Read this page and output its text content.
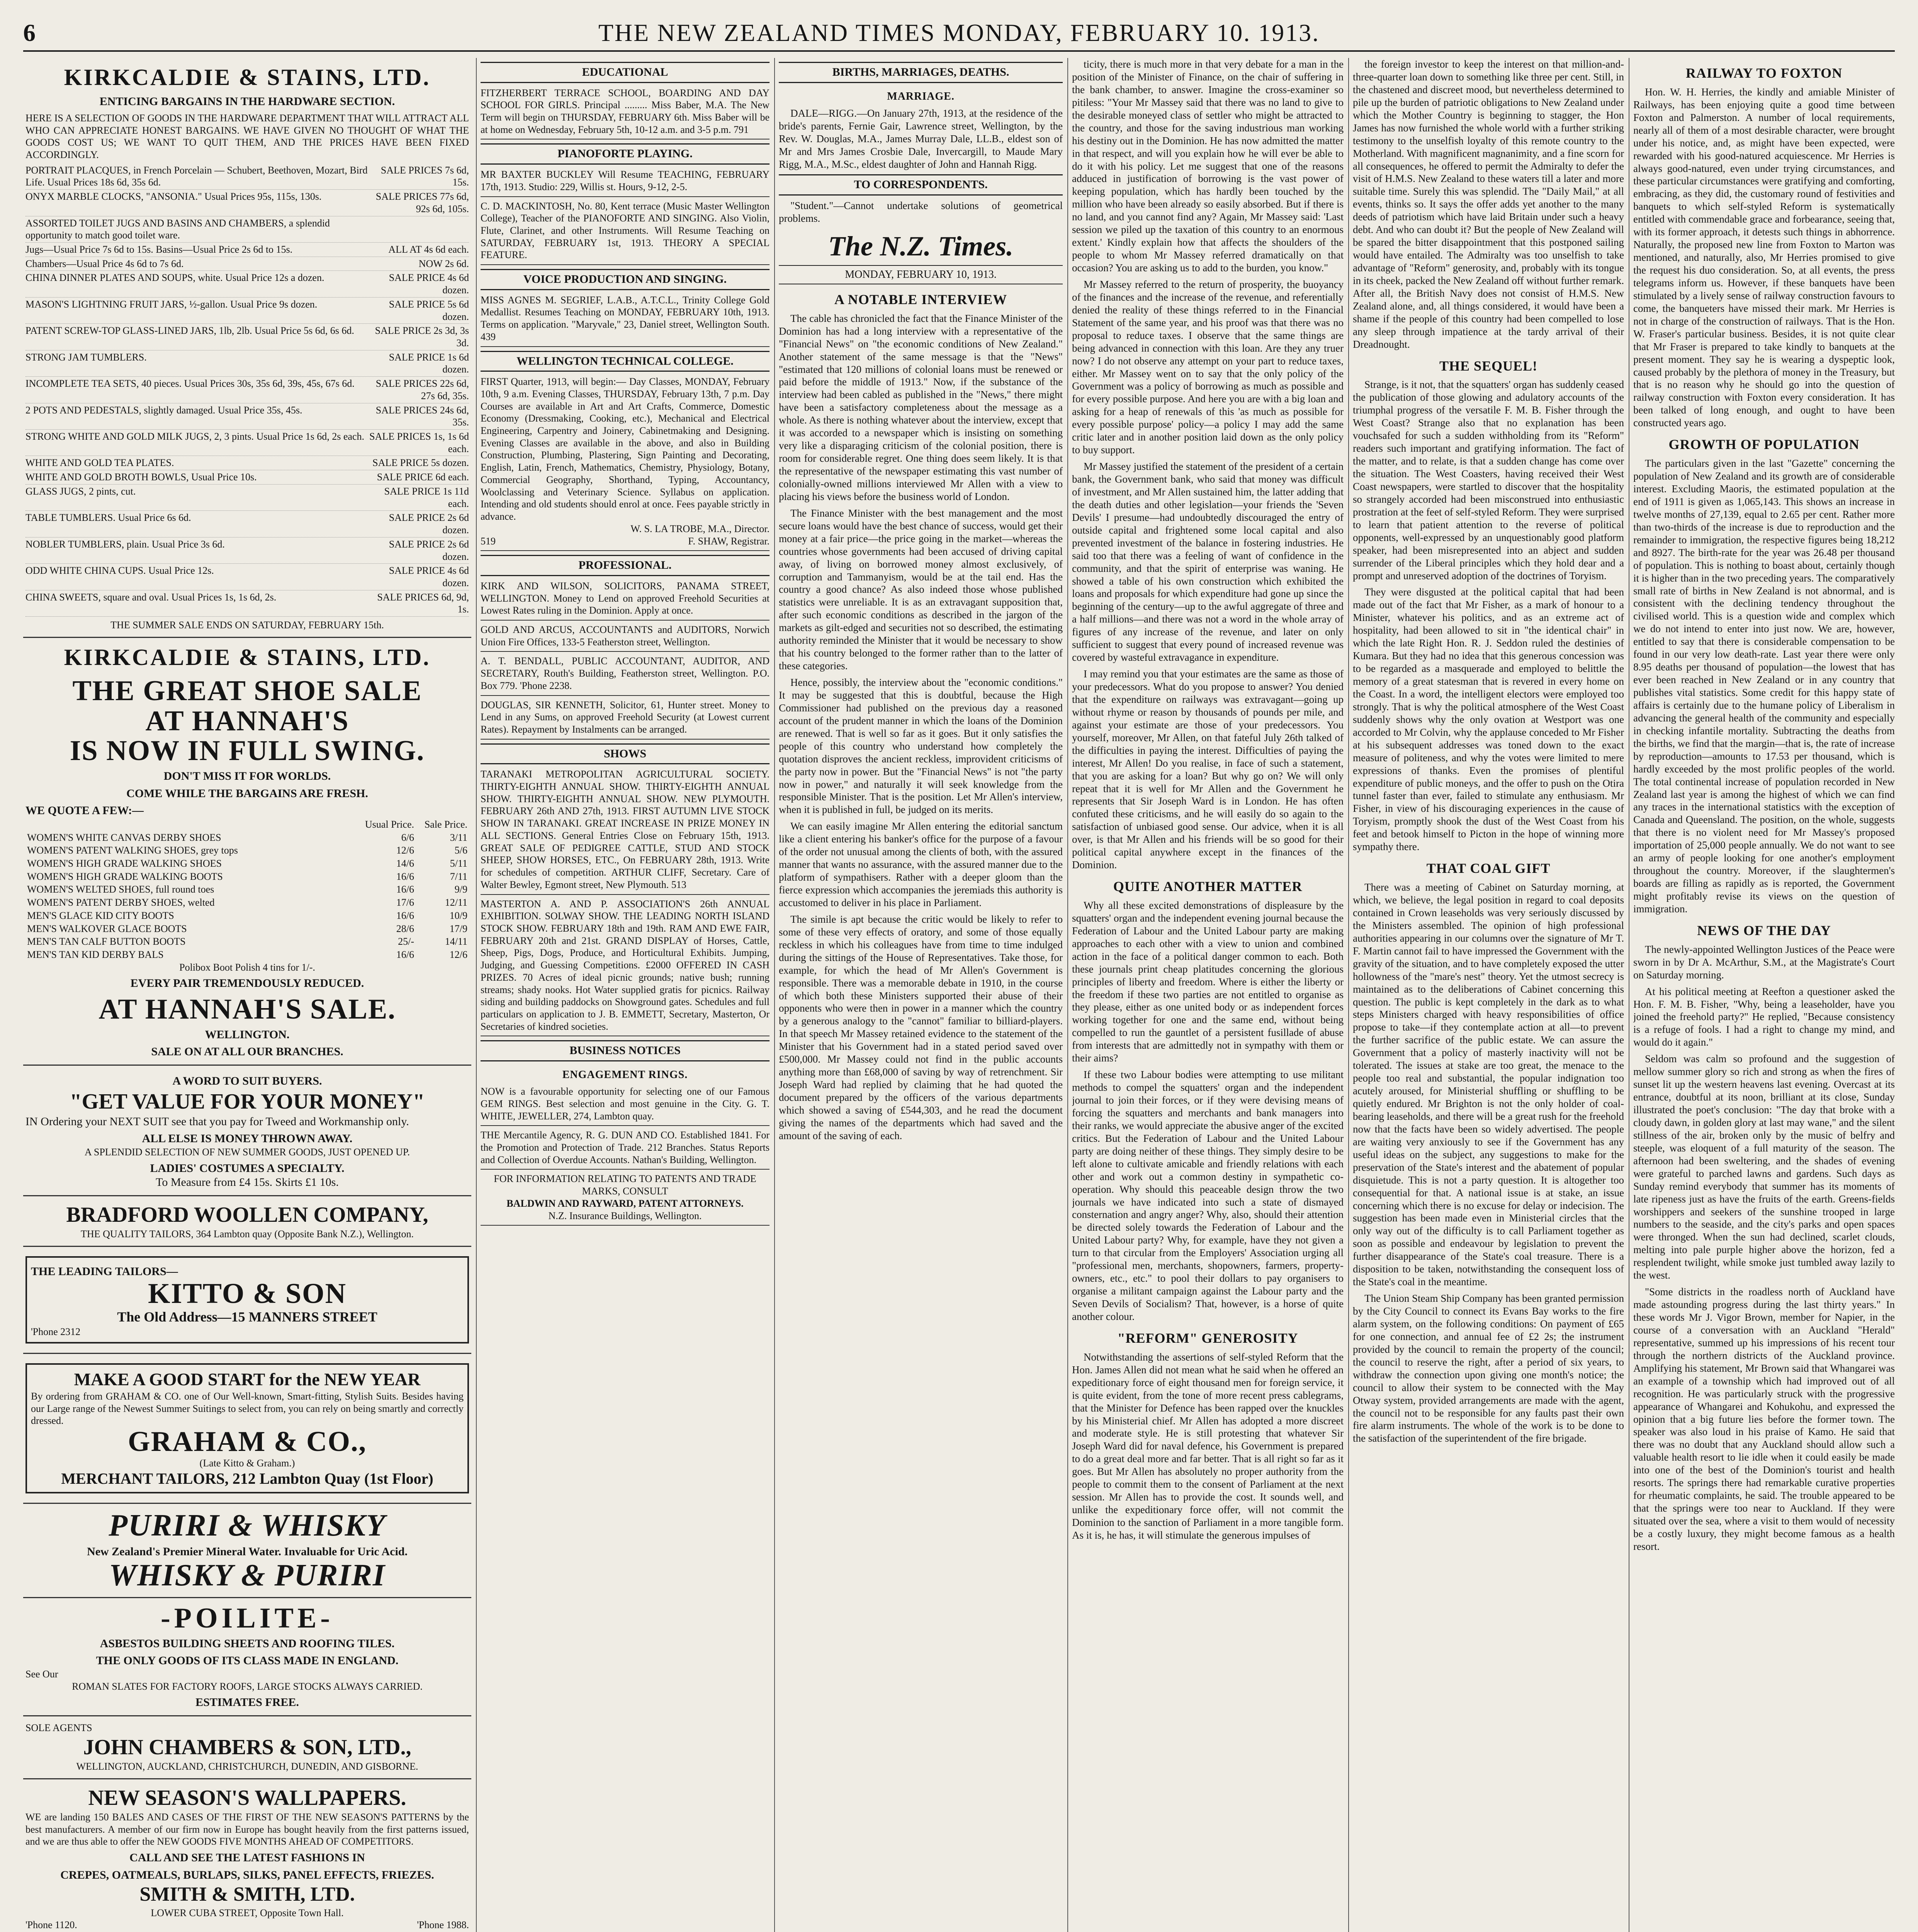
6	THE NEW ZEALAND TIMES MONDAY, FEBRUARY 10. 1913.
KIRKCALDIE & STAINS, LTD.
ENTICING BARGAINS IN THE HARDWARE SECTION.
HERE IS A SELECTION OF GOODS IN THE HARDWARE DEPARTMENT THAT WILL ATTRACT ALL WHO CAN APPRECIATE HONEST BARGAINS. WE HAVE GIVEN NO THOUGHT OF WHAT THE GOODS COST US; WE WANT TO QUIT THEM, AND THE PRICES HAVE BEEN FIXED ACCORDINGLY.
PORTRAIT PLACQUES, in French Porcelain — Schubert, Beethoven, Mozart, Bird Life. Usual Prices 18s 6d, 35s 6d.
SALE PRICES 7s 6d, 15s.
ONYX MARBLE CLOCKS, "ANSONIA." Usual Prices 95s, 115s, 130s.	SALE PRICES 77s 6d, 92s 6d, 105s.
ASSORTED TOILET JUGS AND BASINS AND CHAMBERS, a splendid opportunity to match good toilet ware.
Jugs—Usual Price 7s 6d to 15s. Basins—Usual Price 2s 6d to 15s.	ALL AT 4s 6d each.
Chambers—Usual Price 4s 6d to 7s 6d.	NOW 2s 6d.
CHINA DINNER PLATES AND SOUPS, white. Usual Price 12s a dozen.	SALE PRICE 4s 6d dozen.
MASON'S LIGHTNING FRUIT JARS, ½-gallon. Usual Price 9s dozen.	SALE PRICE 5s 6d dozen.
PATENT SCREW-TOP GLASS-LINED JARS, 1lb, 2lb. Usual Price 5s 6d, 6s 6d.	SALE PRICE 2s 3d, 3s 3d.
STRONG JAM TUMBLERS.	SALE PRICE 1s 6d dozen.
INCOMPLETE TEA SETS, 40 pieces. Usual Prices 30s, 35s 6d, 39s, 45s, 67s 6d.	SALE PRICES 22s 6d, 27s 6d, 35s.
2 POTS AND PEDESTALS, slightly damaged. Usual Price 35s, 45s.	SALE PRICES 24s 6d, 35s.
STRONG WHITE AND GOLD MILK JUGS, 2, 3 pints. Usual Price 1s 6d, 2s each. SALE PRICES 1s, 1s 6d each.
WHITE AND GOLD TEA PLATES.	SALE PRICE 5s dozen.
WHITE AND GOLD BROTH BOWLS, Usual Price 10s.	SALE PRICE 6d each.
GLASS JUGS, 2 pints, cut.	SALE PRICE 1s 11d each.
TABLE TUMBLERS. Usual Price 6s 6d.	SALE PRICE 2s 6d dozen.
NOBLER TUMBLERS, plain. Usual Price 3s 6d.	SALE PRICE 2s 6d dozen.
ODD WHITE CHINA CUPS. Usual Price 12s.	SALE PRICE 4s 6d dozen.
CHINA SWEETS, square and oval. Usual Prices 1s, 1s 6d, 2s.	SALE PRICES 6d, 9d, 1s.
THE SUMMER SALE ENDS ON SATURDAY, FEBRUARY 15th.
KIRKCALDIE & STAINS, LTD.
THE GREAT SHOE SALE
AT HANNAH'S
IS NOW IN FULL SWING.
DON'T MISS IT FOR WORLDS.
COME WHILE THE BARGAINS ARE FRESH.
WE QUOTE A FEW:—
	Usual Price.	Sale Price.
WOMEN'S WHITE CANVAS DERBY SHOES	6/6	3/11
WOMEN'S PATENT WALKING SHOES, grey tops	12/6	5/6
WOMEN'S HIGH GRADE WALKING SHOES	14/6	5/11
WOMEN'S HIGH GRADE WALKING BOOTS	16/6	7/11
WOMEN'S WELTED SHOES, full round toes	16/6	9/9
WOMEN'S PATENT DERBY SHOES, welted	17/6	12/11
MEN'S GLACE KID CITY BOOTS	16/6	10/9
MEN'S WALKOVER GLACE BOOTS	28/6	17/9
MEN'S TAN CALF BUTTON BOOTS	25/-	14/11
MEN'S TAN KID DERBY BALS	16/6	12/6
Polibox Boot Polish 4 tins for 1/-.
EVERY PAIR TREMENDOUSLY REDUCED.
AT HANNAH'S SALE.
WELLINGTON.
SALE ON AT ALL OUR BRANCHES.
A WORD TO SUIT BUYERS.
"GET VALUE FOR YOUR MONEY"
IN Ordering your NEXT SUIT see that you pay for Tweed and Workmanship only.
ALL ELSE IS MONEY THROWN AWAY.
A SPLENDID SELECTION OF NEW SUMMER GOODS, JUST OPENED UP.
LADIES' COSTUMES A SPECIALTY.
To Measure from £4 15s. Skirts £1 10s.
BRADFORD WOOLLEN COMPANY,
THE QUALITY TAILORS, 364 Lambton quay (Opposite Bank N.Z.), Wellington.
THE LEADING TAILORS—
KITTO & SON
The Old Address—15 MANNERS STREET
'Phone 2312
MAKE A GOOD START for the NEW YEAR
By ordering from GRAHAM & CO. one of Our Well-known, Smart-fitting, Stylish Suits. Besides having our Large range of the Newest Summer Suitings to select from, you can rely on being smartly and correctly dressed.
GRAHAM & CO.,
(Late Kitto & Graham.)
MERCHANT TAILORS, 212 Lambton Quay (1st Floor)
PURIRI & WHISKY
New Zealand's Premier Mineral Water. Invaluable for Uric Acid.
WHISKY & PURIRI
-POILITE-
ASBESTOS BUILDING SHEETS AND ROOFING TILES.
THE ONLY GOODS OF ITS CLASS MADE IN ENGLAND.
See Our
ROMAN SLATES FOR FACTORY ROOFS, LARGE STOCKS ALWAYS CARRIED.
ESTIMATES FREE.
SOLE AGENTS
JOHN CHAMBERS & SON, LTD.,
WELLINGTON, AUCKLAND, CHRISTCHURCH, DUNEDIN, AND GISBORNE.
NEW SEASON'S WALLPAPERS.
WE are landing 150 BALES AND CASES OF THE FIRST OF THE NEW SEASON'S PATTERNS by the best manufacturers. A member of our firm now in Europe has bought heavily from the first patterns issued, and we are thus able to offer the NEW GOODS FIVE MONTHS AHEAD OF COMPETITORS.
CALL AND SEE THE LATEST FASHIONS IN
CREPES, OATMEALS, BURLAPS, SILKS, PANEL EFFECTS, FRIEZES.
SMITH & SMITH, LTD.
LOWER CUBA STREET, Opposite Town Hall.
'Phone 1120.	'Phone 1988.
EDUCATIONAL
FITZHERBERT TERRACE SCHOOL, BOARDING AND DAY SCHOOL FOR GIRLS. Principal ......... Miss Baber, M.A. The New Term will begin on THURSDAY, FEBRUARY 6th. Miss Baber will be at home on Wednesday, February 5th, 10-12 a.m. and 3-5 p.m. 791
PIANOFORTE PLAYING.
MR BAXTER BUCKLEY Will Resume TEACHING, FEBRUARY 17th, 1913. Studio: 229, Willis st. Hours, 9-12, 2-5.
C. D. MACKINTOSH, No. 80, Kent terrace (Music Master Wellington College), Teacher of the PIANOFORTE AND SINGING. Also Violin, Flute, Clarinet, and other Instruments. Will Resume Teaching on SATURDAY, FEBRUARY 1st, 1913. THEORY A SPECIAL FEATURE.
VOICE PRODUCTION AND SINGING.
MISS AGNES M. SEGRIEF, L.A.B., A.T.C.L., Trinity College Gold Medallist. Resumes Teaching on MONDAY, FEBRUARY 10th, 1913. Terms on application. "Maryvale," 23, Daniel street, Wellington South. 439
WELLINGTON TECHNICAL COLLEGE.
FIRST Quarter, 1913, will begin:— Day Classes, MONDAY, February 10th, 9 a.m. Evening Classes, THURSDAY, February 13th, 7 p.m. Day Courses are available in Art and Art Crafts, Commerce, Domestic Economy (Dressmaking, Cooking, etc.), Mechanical and Electrical Engineering, Carpentry and Joinery, Cabinetmaking and Designing. Evening Classes are available in the above, and also in Building Construction, Plumbing, Plastering, Sign Painting and Decorating, English, Latin, French, Mathematics, Chemistry, Physiology, Botany, Commercial Geography, Shorthand, Typing, Accountancy, Woolclassing and Veterinary Science. Syllabus on application. Intending and old students should enrol at once. Fees payable strictly in advance.
W. S. LA TROBE, M.A., Director.
519	F. SHAW, Registrar.
PROFESSIONAL.
KIRK AND WILSON, SOLICITORS, PANAMA STREET, WELLINGTON. Money to Lend on approved Freehold Securities at Lowest Rates ruling in the Dominion. Apply at once.
GOLD AND ARCUS, ACCOUNTANTS and AUDITORS, Norwich Union Fire Offices, 133-5 Featherston street, Wellington.
A. T. BENDALL, PUBLIC ACCOUNTANT, AUDITOR, AND SECRETARY, Routh's Building, Featherston street, Wellington. P.O. Box 779. 'Phone 2238.
DOUGLAS, SIR KENNETH, Solicitor, 61, Hunter street. Money to Lend in any Sums, on approved Freehold Security (at Lowest current Rates). Repayment by Instalments can be arranged.
SHOWS
TARANAKI METROPOLITAN AGRICULTURAL SOCIETY. THIRTY-EIGHTH ANNUAL SHOW. THIRTY-EIGHTH ANNUAL SHOW. THIRTY-EIGHTH ANNUAL SHOW. NEW PLYMOUTH. FEBRUARY 26th AND 27th, 1913. FIRST AUTUMN LIVE STOCK SHOW IN TARANAKI. GREAT INCREASE IN PRIZE MONEY IN ALL SECTIONS. General Entries Close on February 15th, 1913. GREAT SALE OF PEDIGREE CATTLE, STUD AND STOCK SHEEP, SHOW HORSES, ETC., On FEBRUARY 28th, 1913. Write for schedules of competition. ARTHUR CLIFF, Secretary. Care of Walter Bewley, Egmont street, New Plymouth. 513
MASTERTON A. AND P. ASSOCIATION'S 26th ANNUAL EXHIBITION. SOLWAY SHOW. THE LEADING NORTH ISLAND STOCK SHOW. FEBRUARY 18th and 19th. RAM AND EWE FAIR, FEBRUARY 20th and 21st. GRAND DISPLAY of Horses, Cattle, Sheep, Pigs, Dogs, Produce, and Horticultural Exhibits. Jumping, Judging, and Guessing Competitions. £2000 OFFERED IN CASH PRIZES. 70 Acres of ideal picnic grounds; native bush; running streams; shady nooks. Hot Water supplied gratis for picnics. Railway siding and building paddocks on Showground gates. Schedules and full particulars on application to J. B. EMMETT, Secretary, Masterton, Or Secretaries of kindred societies.
BUSINESS NOTICES
ENGAGEMENT RINGS.
NOW is a favourable opportunity for selecting one of our Famous GEM RINGS. Best selection and most genuine in the City. G. T. WHITE, JEWELLER, 274, Lambton quay.
THE Mercantile Agency, R. G. DUN AND CO. Established 1841. For the Promotion and Protection of Trade. 212 Branches. Status Reports and Collection of Overdue Accounts. Nathan's Building, Wellington.
FOR INFORMATION RELATING TO PATENTS AND TRADE MARKS, CONSULT
BALDWIN AND RAYWARD, PATENT ATTORNEYS.
N.Z. Insurance Buildings, Wellington.
BIRTHS, MARRIAGES, DEATHS.
MARRIAGE.

DALE—RIGG.—On January 27th, 1913, at the residence of the bride's parents, Fernie Gair, Lawrence street, Wellington, by the Rev. W. Douglas, M.A., James Murray Dale, LL.B., eldest son of Mr and Mrs James Crosbie Dale, Invercargill, to Maude Mary Rigg, M.A., M.Sc., eldest daughter of John and Hannah Rigg.

TO CORRESPONDENTS.

"Student."—Cannot undertake solutions of geometrical problems.

The N.Z. Times.
MONDAY, FEBRUARY 10, 1913.
A NOTABLE INTERVIEW

The cable has chronicled the fact that the Finance Minister of the Dominion has had a long interview with a representative of the "Financial News" on "the economic conditions of New Zealand." Another statement of the same message is that the "News" "estimated that 120 millions of colonial loans must be renewed or paid before the middle of 1913." Now, if the substance of the interview had been cabled as published in the "News," there might have been a satisfactory completeness about the message as a whole. As there is nothing whatever about the interview, except that it was accorded to a newspaper which is insisting on something very like a disparaging criticism of the colonial position, there is room for considerable regret. One thing does seem likely. It is that the representative of the newspaper estimating this vast number of colonially-owned millions interviewed Mr Allen with a view to placing his views before the business world of London.

The Finance Minister with the best management and the most secure loans would have the best chance of success, would get their money at a fair price—the price going in the market—whereas the countries whose governments had been accused of driving capital away, of living on borrowed money almost exclusively, of corruption and Tammanyism, would be at the tail end. Has the country a good chance? As also indeed those whose published statistics were unreliable. It is as an extravagant supposition that, after such economic conditions as described in the jargon of the markets as gilt-edged and securities not so described, the estimating authority reminded the Minister that it would be necessary to show that his country belonged to the former rather than to the latter of these categories.

Hence, possibly, the interview about the "economic conditions." It may be suggested that this is doubtful, because the High Commissioner had published on the previous day a reasoned account of the prudent manner in which the loans of the Dominion are renewed. That is well so far as it goes. But it only satisfies the people of this country who understand how completely the quotation disproves the ancient reckless, improvident criticisms of the party now in power. But the "Financial News" is not "the party now in power," and naturally it will seek knowledge from the responsible Minister. That is the position. Let Mr Allen's interview, when it is published in full, be judged on its merits.

We can easily imagine Mr Allen entering the editorial sanctum like a client entering his banker's office for the purpose of a favour of the order not unusual among the clients of both, with the assured manner that wants no assurance, with the assured manner due to the platform of sympathisers. Rather with a deeper gloom than the fierce expression which accompanies the jeremiads this authority is accustomed to deliver in his place in Parliament.

The simile is apt because the critic would be likely to refer to some of these very effects of oratory, and some of those equally reckless in which his colleagues have from time to time indulged during the sittings of the House of Representatives. Take those, for example, for which the head of Mr Allen's Government is responsible. There was a memorable debate in 1910, in the course of which both these Ministers supported their abuse of their opponents who were then in power in a manner which the country by a generous analogy to the "cannot" familiar to billiard-players. In that speech Mr Massey retained evidence to the statement of the Minister that his Government had in a stated period saved over £500,000. Mr Massey could not find in the public accounts anything more than £68,000 of saving by way of retrenchment. Sir Joseph Ward had replied by claiming that he had quoted the document prepared by the officers of the various departments which showed a saving of £544,303, and he read the document giving the names of the departments which had saved and the amount of the saving of each.

ticity, there is much more in that very debate for a man in the position of the Minister of Finance, on the chair of suffering in the bank chamber, to answer. Imagine the cross-examiner so pitiless: "Your Mr Massey said that there was no land to give to the desirable moneyed class of settler who might be attracted to the country, and those for the saving industrious man working his destiny out in the Dominion. He has now admitted the matter in that respect, and will you explain how he will ever be able to do it with his policy. Let me suggest that one of the reasons adduced in justification of borrowing is the vast power of keeping population, which has hardly been touched by the million who have been already so easily absorbed. But if there is no land, and you cannot find any? Again, Mr Massey said: 'Last session we piled up the taxation of this country to an enormous extent.' Kindly explain how that affects the shoulders of the people to whom Mr Massey referred dramatically on that occasion? You are asking us to add to the burden, you know."

Mr Massey referred to the return of prosperity, the buoyancy of the finances and the increase of the revenue, and referentially denied the reality of these things referred to in the Financial Statement of the same year, and his proof was that there was no proposal to reduce taxes. I observe that the same things are being advanced in connection with this loan. Are they any truer now? I do not observe any attempt on your part to reduce taxes, either. Mr Massey went on to say that the only policy of the Government was a policy of borrowing as much as possible and for every possible purpose. And here you are with a big loan and asking for a heap of renewals of this 'as much as possible for every possible purpose' policy—a policy I may add the same critic later and in another position laid down as the only policy to buy support.

Mr Massey justified the statement of the president of a certain bank, the Government bank, who said that money was difficult of investment, and Mr Allen sustained him, the latter adding that the death duties and other legislation—your friends the 'Seven Devils' I presume—had undoubtedly discouraged the entry of outside capital and frightened some local capital and also prevented investment of the balance in fostering industries. He said too that there was a feeling of want of confidence in the community, and that the spirit of enterprise was waning. He showed a table of his own construction which exhibited the loans and proposals for which expenditure had gone up since the beginning of the century—up to the awful aggregate of three and a half millions—and there was not a word in the whole array of figures of any increase of the revenue, and later on only sufficient to suggest that every pound of increased revenue was covered by wasteful extravagance in expenditure.

I may remind you that your estimates are the same as those of your predecessors. What do you propose to answer? You denied that the expenditure on railways was extravagant—going up without rhyme or reason by thousands of pounds per mile, and against your estimate are those of your predecessors. You yourself, moreover, Mr Allen, on that fateful July 26th talked of the difficulties in paying the interest. Difficulties of paying the interest, Mr Allen! Do you realise, in face of such a statement, that you are asking for a loan? But why go on? We will only repeat that it is well for Mr Allen and the Government he represents that Sir Joseph Ward is in London. He has often confuted these criticisms, and he will easily do so again to the satisfaction of unbiased good sense. Our advice, when it is all over, is that Mr Allen and his friends will be so good for their political capital anywhere except in the finances of the Dominion.

QUITE ANOTHER MATTER

Why all these excited demonstrations of displeasure by the squatters' organ and the independent evening journal because the Federation of Labour and the United Labour party are making approaches to each other with a view to union and combined action in the face of a political danger common to each. Both these journals print cheap platitudes concerning the glorious principles of liberty and freedom. Where is either the liberty or the freedom if these two parties are not entitled to organise as they please, either as one united body or as independent forces working together for one and the same end, without being compelled to run the gauntlet of a persistent fusillade of abuse from interests that are admittedly not in sympathy with them or their aims?

If these two Labour bodies were attempting to use militant methods to compel the squatters' organ and the independent journal to join their forces, or if they were devising means of forcing the squatters and merchants and bank managers into their ranks, we would appreciate the abusive anger of the excited critics. But the Federation of Labour and the United Labour party are doing neither of these things. They simply desire to be left alone to cultivate amicable and friendly relations with each other and work out a common destiny in sympathetic co-operation. Why should this peaceable design throw the two journals we have indicated into such a state of dismayed consternation and angry anger? Why, also, should their attention be directed solely towards the Federation of Labour and the United Labour party? Why, for example, have they not given a turn to that circular from the Employers' Association urging all "professional men, merchants, shopowners, farmers, property-owners, etc., etc." to pool their dollars to pay organisers to organise a militant campaign against the Labour party and the Seven Devils of Socialism? That, however, is a horse of quite another colour.

"REFORM" GENEROSITY

Notwithstanding the assertions of self-styled Reform that the Hon. James Allen did not mean what he said when he offered an expeditionary force of eight thousand men for foreign service, it is quite evident, from the tone of more recent press cablegrams, that the Minister for Defence has been rapped over the knuckles by his Ministerial chief. Mr Allen has adopted a more discreet and moderate style. He is still protesting that whatever Sir Joseph Ward did for naval defence, his Government is prepared to do a great deal more and far better. That is all right so far as it goes. But Mr Allen has absolutely no proper authority from the people to commit them to the consent of Parliament at the next session. Mr Allen has to provide the cost. It sounds well, and unlike the expeditionary force offer, will not commit the Dominion to the sanction of Parliament in a more tangible form. As it is, he has, it will stimulate the generous impulses of

the foreign investor to keep the interest on that million-and-three-quarter loan down to something like three per cent. Still, in the chastened and discreet mood, but nevertheless determined to pile up the burden of patriotic obligations to New Zealand under which the Mother Country is beginning to stagger, the Hon James has now furnished the whole world with a further striking testimony to the unselfish loyalty of this remote country to the Motherland. With magnificent magnanimity, and a fine scorn for all consequences, he offered to permit the Admiralty to defer the visit of H.M.S. New Zealand to these waters till a later and more suitable time. Surely this was splendid. The "Daily Mail," at all events, thinks so. It says the offer adds yet another to the many deeds of patriotism which have laid Britain under such a heavy debt. And who can doubt it? But the people of New Zealand will be spared the bitter disappointment that this postponed sailing would have entailed. The Admiralty was too unselfish to take advantage of "Reform" generosity, and, probably with its tongue in its cheek, packed the New Zealand off without further remark. After all, the British Navy does not consist of H.M.S. New Zealand alone, and, all things considered, it would have been a shame if the people of this country had been compelled to lose any sleep through impatience at the tardy arrival of their Dreadnought.

THE SEQUEL!

Strange, is it not, that the squatters' organ has suddenly ceased the publication of those glowing and adulatory accounts of the triumphal progress of the versatile F. M. B. Fisher through the West Coast? Strange also that no explanation has been vouchsafed for such a sudden withholding from its "Reform" readers such important and gratifying information. The fact of the matter, and to relate, is that a sudden change has come over the situation. The West Coasters, having received their West Coast newspapers, were startled to discover that the hospitality so strangely accorded had been misconstrued into enthusiastic prostration at the feet of self-styled Reform. They were surprised to learn that patient attention to the reverse of political opponents, well-expressed by an unquestionably good platform speaker, had been misrepresented into an abject and sudden surrender of the Liberal principles which they hold dear and a prompt and unreserved adoption of the doctrines of Toryism.

They were disgusted at the political capital that had been made out of the fact that Mr Fisher, as a mark of honour to a Minister, whatever his politics, and as an extreme act of hospitality, had been allowed to sit in "the identical chair" in which the late Right Hon. R. J. Seddon ruled the destinies of Kumara. But they had no idea that this generous concession was to be regarded as a masquerade and employed to belittle the memory of a great statesman that is revered in every home on the Coast. In a word, the intelligent electors were employed too strongly. That is why the political atmosphere of the West Coast suddenly shows why the only ovation at Westport was one accorded to Mr Colvin, why the applause conceded to Mr Fisher at his subsequent addresses was toned down to the exact measure of politeness, and why the votes were limited to mere expressions of thanks. Even the promises of plentiful expenditure of public moneys, and the offer to push on the Otira tunnel faster than ever, failed to stimulate any enthusiasm. Mr Fisher, in view of his discouraging experiences in the cause of Toryism, promptly shook the dust of the West Coast from his feet and betook himself to Picton in the hope of winning more sympathy there.

THAT COAL GIFT

There was a meeting of Cabinet on Saturday morning, at which, we believe, the legal position in regard to coal deposits contained in Crown leaseholds was very seriously discussed by the Ministers assembled. The opinion of high professional authorities appearing in our columns over the signature of Mr T. F. Martin cannot fail to have impressed the Government with the gravity of the situation, and to have completely exposed the utter hollowness of the "mare's nest" theory. Yet the utmost secrecy is maintained as to the deliberations of Cabinet concerning this question. The public is kept completely in the dark as to what steps Ministers charged with heavy responsibilities of office propose to take—if they contemplate action at all—to prevent the further sacrifice of the public estate. We can assure the Government that a policy of masterly inactivity will not be tolerated. The issues at stake are too great, the menace to the people too real and substantial, the popular indignation too acutely aroused, for Ministerial shuffling or shuffling to be quietly endured. Mr Brighton is not the only holder of coal-bearing leaseholds, and there will be a great rush for the freehold now that the facts have been so widely advertised. The people are waiting very anxiously to see if the Government has any useful ideas on the subject, any suggestions to make for the preservation of the State's interest and the abatement of popular disquietude. This is not a party question. It is altogether too consequential for that. A national issue is at stake, an issue concerning which there is no excuse for delay or indecision. The suggestion has been made even in Ministerial circles that the only way out of the difficulty is to call Parliament together as soon as possible and endeavour by legislation to prevent the further disappearance of the State's coal treasure. There is a disposition to be taken, notwithstanding the consequent loss of the State's coal in the meantime.

The Union Steam Ship Company has been granted permission by the City Council to connect its Evans Bay works to the fire alarm system, on the following conditions: On payment of £65 for one connection, and annual fee of £2 2s; the instrument provided by the council to remain the property of the council; the council to reserve the right, after a period of six years, to withdraw the connection upon giving one month's notice; the council to allow their system to be connected with the May Otway system, provided arrangements are made with the agent, the council not to be responsible for any faults past their own fire alarm instruments. The whole of the work is to be done to the satisfaction of the superintendent of the fire brigade.

RAILWAY TO FOXTON

Hon. W. H. Herries, the kindly and amiable Minister of Railways, has been enjoying quite a good time between Foxton and Palmerston. A number of local requirements, nearly all of them of a most desirable character, were brought under his notice, and, as might have been expected, were rewarded with his good-natured acquiescence. Mr Herries is always good-natured, even under trying circumstances, and these particular circumstances were gratifying and comforting, embracing, as they did, the customary round of festivities and banquets to which self-styled Reform is systematically entitled with commendable grace and forbearance, seeing that, with its former approach, it detests such things in abhorrence. Naturally, the proposed new line from Foxton to Marton was mentioned, and naturally, also, Mr Herries promised to give the request his duo consideration. So, at all events, the press telegrams inform us. However, if these banquets have been stimulated by a lively sense of railway construction favours to come, the banqueters have missed their mark. Mr Herries is not in charge of the construction of railways. That is the Hon. W. Fraser's particular business. Besides, it is not quite clear that Mr Fraser is prepared to take kindly to banquets at the present moment. They say he is wearing a dyspeptic look, caused probably by the plethora of money in the Treasury, but that is no reason why he should go into the question of railway construction with Foxton every consideration. It has been talked of long enough, and ought to have been constructed years ago.

GROWTH OF POPULATION

The particulars given in the last "Gazette" concerning the population of New Zealand and its growth are of considerable interest. Excluding Maoris, the estimated population at the end of 1911 is given as 1,065,143. This shows an increase in twelve months of 27,139, equal to 2.65 per cent. Rather more than two-thirds of the increase is due to reproduction and the remainder to immigration, the respective figures being 18,212 and 8927. The birth-rate for the year was 26.48 per thousand of population. This is nothing to boast about, certainly though it is higher than in the two preceding years. The comparatively small rate of births in New Zealand is not abnormal, and is consistent with the declining tendency throughout the civilised world. This is a question wide and complex which we do not intend to enter into just now. We are, however, entitled to say that there is considerable compensation to be found in our very low death-rate. Last year there were only 8.95 deaths per thousand of population—the lowest that has ever been reached in New Zealand or in any country that publishes vital statistics. Some credit for this happy state of affairs is certainly due to the humane policy of Liberalism in advancing the general health of the community and especially in checking infantile mortality. Subtracting the deaths from the births, we find that the margin—that is, the rate of increase by reproduction—amounts to 17.53 per thousand, which is hardly exceeded by the most prolific peoples of the world. The total continental increase of population recorded in New Zealand last year is among the highest of which we can find any traces in the international statistics with the exception of Canada and Queensland. The position, on the whole, suggests that there is no violent need for Mr Massey's proposed importation of 25,000 people annually. We do not want to see an army of people looking for one another's employment throughout the country. Moreover, if the slaughtermen's boards are filling as rapidly as is reported, the Government might profitably revise its views on the question of immigration.

NEWS OF THE DAY

The newly-appointed Wellington Justices of the Peace were sworn in by Dr A. McArthur, S.M., at the Magistrate's Court on Saturday morning.

At his political meeting at Reefton a questioner asked the Hon. F. M. B. Fisher, "Why, being a leaseholder, have you joined the freehold party?" He replied, "Because consistency is a refuge of fools. I had a right to change my mind, and would do it again."

Seldom was calm so profound and the suggestion of mellow summer glory so rich and strong as when the fires of sunset lit up the western heavens last evening. Overcast at its entrance, doubtful at its noon, brilliant at its close, Sunday illustrated the poet's conclusion: "The day that broke with a cloudy dawn, in golden glory at last may wane," and the silent stillness of the air, broken only by the music of belfry and steeple, was eloquent of a full maturity of the season. The afternoon had been sweltering, and the shades of evening were grateful to parched lawns and gardens. Such days as Sunday remind everybody that summer has its moments of late ripeness just as have the fruits of the earth. Greens-fields worshippers and seekers of the sunshine trooped in large numbers to the seaside, and the city's parks and open spaces were thronged. When the sun had declined, scarlet clouds, melting into pale purple higher above the horizon, fed a resplendent twilight, while smoke just tumbled away lazily to the west.

"Some districts in the roadless north of Auckland have made astounding progress during the last thirty years." In these words Mr J. Vigor Brown, member for Napier, in the course of a conversation with an Auckland "Herald" representative, summed up his impressions of his recent tour through the northern districts of the Auckland province. Amplifying his statement, Mr Brown said that Whangarei was an example of a township which had improved out of all recognition. He was particularly struck with the progressive appearance of Whangarei and Kohukohu, and expressed the opinion that a big future lies before the former town. The speaker was also loud in his praise of Kamo. He said that there was no doubt that any Auckland should allow such a valuable health resort to lie idle when it could easily be made into one of the best of the Dominion's tourist and health resorts. The springs there had remarkable curative properties for rheumatic complaints, he said. The trouble appeared to be that the springs were too near to Auckland. If they were situated over the sea, where a visit to them would of necessity be a costly luxury, they might become famous as a health resort.
